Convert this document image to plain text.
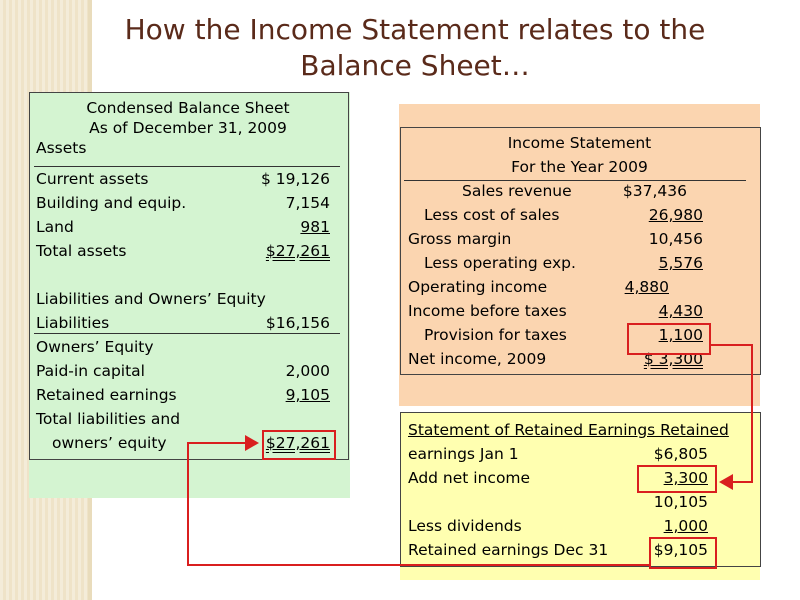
How the Income Statement relates to the Balance Sheet…
Condensed Balance Sheet
As of December 31, 2009
Assets
Current assets	$ 19,126
Building and equip.	7,154
Land	981
Total assets	$27,261
Liabilities and Owners’ Equity
Liabilities	$16,156
Owners’ Equity
Paid-in capital	2,000
Retained earnings	9,105
Total liabilities and
owners’ equity	$27,261
Income Statement
For the Year 2009
Sales revenue	$37,436
Less cost of sales	26,980
Gross margin	10,456
Less operating exp.	5,576
Operating income	4,880
Income before taxes	4,430
Provision for taxes	1,100
Net income, 2009	$ 3,300
Statement of Retained Earnings Retained
earnings Jan 1	$6,805
Add net income	3,300
10,105
Less dividends	1,000
Retained earnings Dec 31	$9,105
